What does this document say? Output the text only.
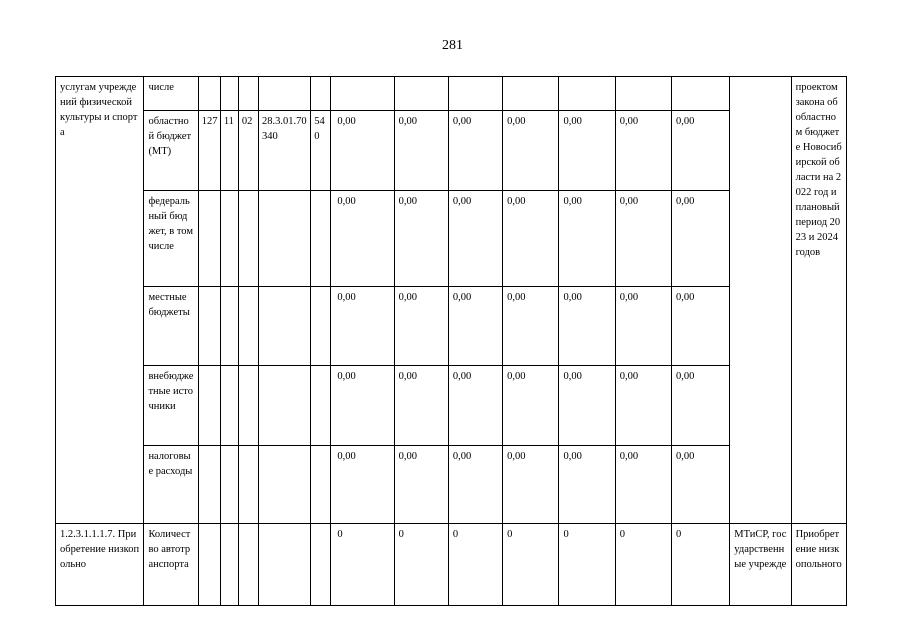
281
услугам учреждений физической культуры и спорта	числе														проектом закона об областном бюджете Новосибирской области на 2022 год и плановый период 2023 и 2024 годов
	областной бюджет (МТ)	127	11	02	28.3.01.70340	540	0,00	0,00	0,00	0,00	0,00	0,00	0,00		
	федеральный бюджет, в том числе						0,00	0,00	0,00	0,00	0,00	0,00	0,00		
	местные бюджеты						0,00	0,00	0,00	0,00	0,00	0,00	0,00		
	внебюджетные источники						0,00	0,00	0,00	0,00	0,00	0,00	0,00		
	налоговые расходы						0,00	0,00	0,00	0,00	0,00	0,00	0,00		
1.2.3.1.1.1.7. Приобретение низкопольно	Количество автотранспорта						0	0	0	0	0	0	0	МТиСР, государственные учрежде	Приобретение низкопольного
